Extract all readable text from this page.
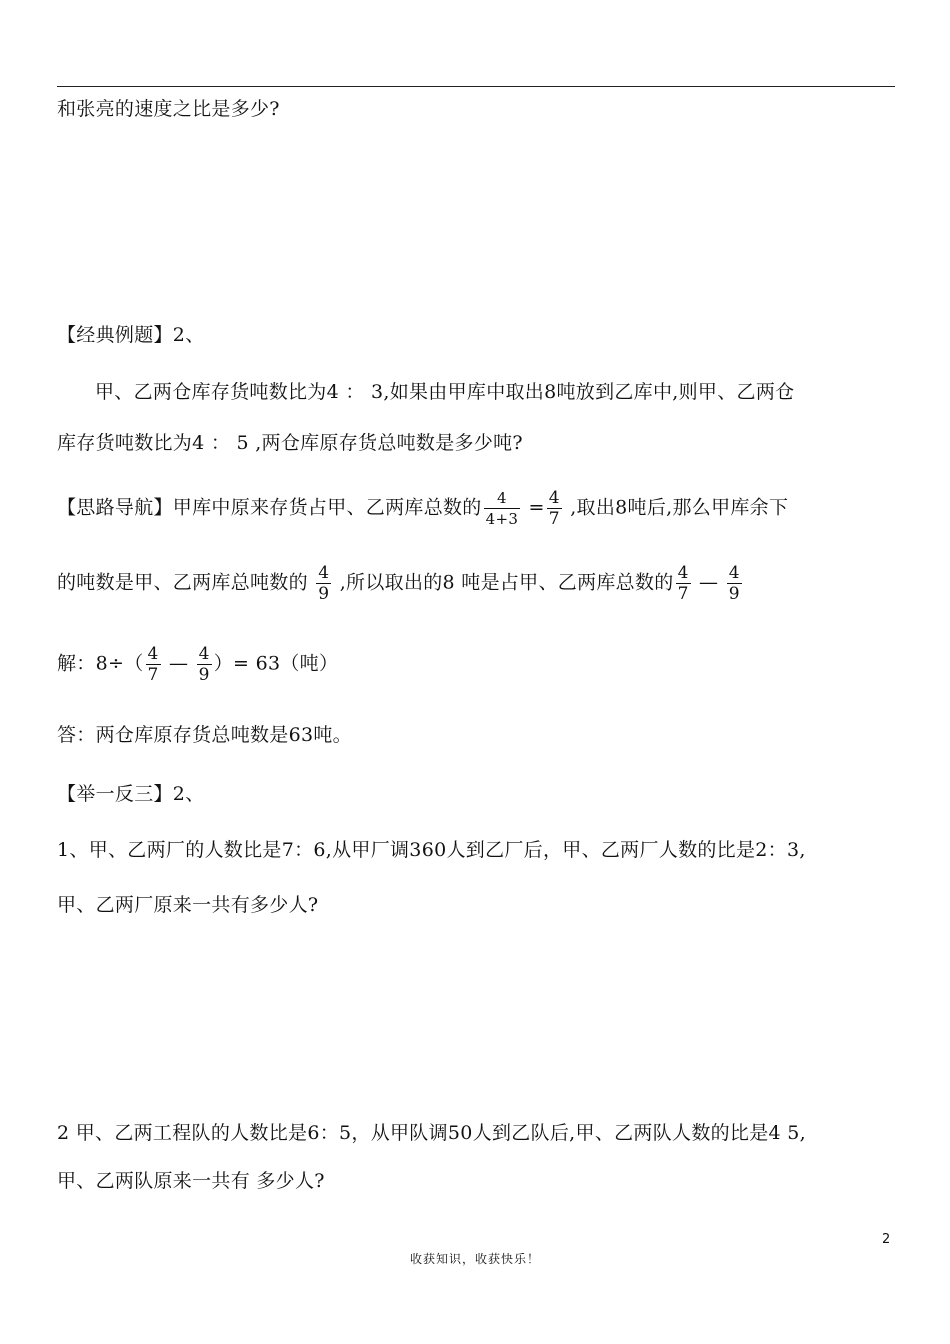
和张亮的速度之比是多少?
【经典例题】2、
甲、乙两仓库存货吨数比为4 ： 3,如果由甲库中取出8吨放到乙库中,则甲、乙两仓
库存货吨数比为4 ： 5 ,两仓库原存货总吨数是多少吨?
【思路导航】甲库中原来存货占甲、乙两库总数的 $\frac{4}{4+3} = \frac{4}{7}$ ,取出8吨后,那么甲库余下
的吨数是甲、乙两库总吨数的 $\frac{4}{9}$ ,所以取出的8 吨是占甲、乙两库总数的 $\frac{4}{7}$ — $\frac{4}{9}$
解：$8\div( \frac{4}{7}$ — $\frac{4}{9}$ ）= 63（吨）
答：两仓库原存货总吨数是63吨。
【举一反三】2、
1、甲、乙两厂的人数比是7：6,从甲厂调360人到乙厂后，甲、乙两厂人数的比是2：3,
甲、乙两厂原来一共有多少人?
2 甲、乙两工程队的人数比是6：5，从甲队调50人到乙队后,甲、乙两队人数的比是4 5,
甲、乙两队原来一共有 多少人?
2
收获知识，收获快乐！
